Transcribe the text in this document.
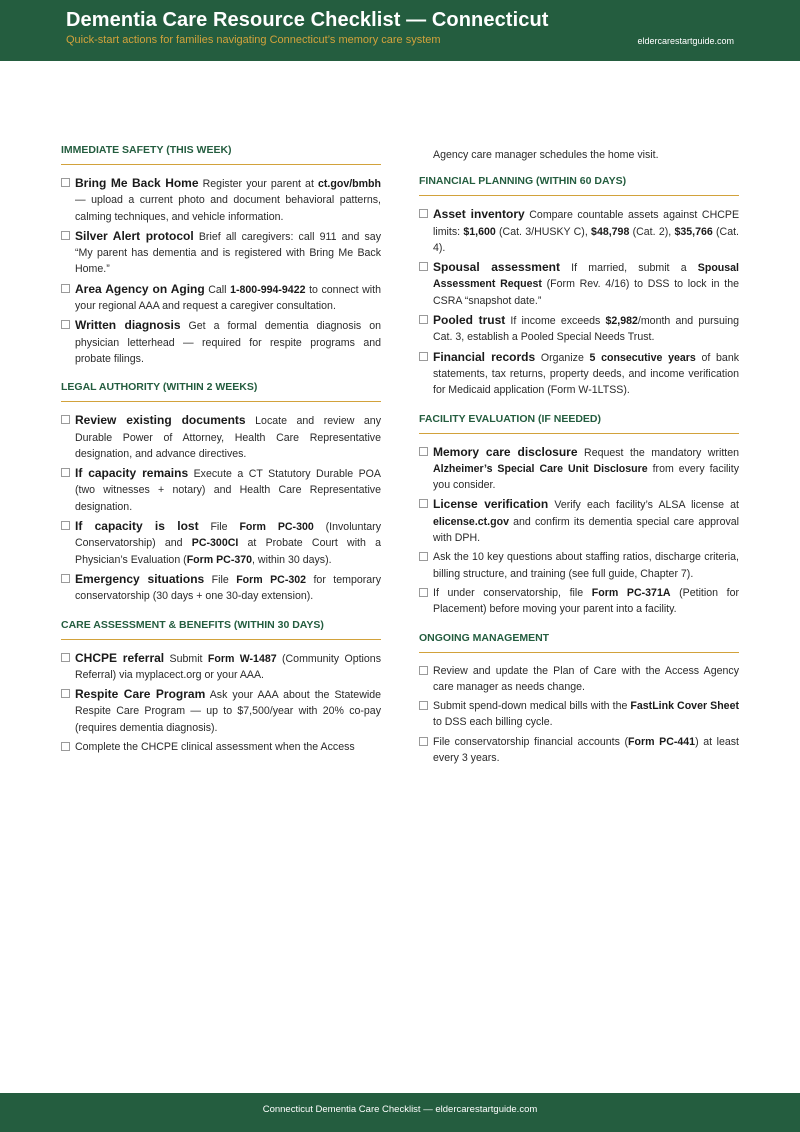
Dementia Care Resource Checklist — Connecticut
Quick-start actions for families navigating Connecticut’s memory care system	eldercarestartguide.com
IMMEDIATE SAFETY (THIS WEEK)
Bring Me Back Home Register your parent at ct.gov/bmbh — upload a current photo and document behavioral patterns, calming techniques, and vehicle information.
Silver Alert protocol Brief all caregivers: call 911 and say “My parent has dementia and is registered with Bring Me Back Home.”
Area Agency on Aging Call 1-800-994-9422 to connect with your regional AAA and request a caregiver consultation.
Written diagnosis Get a formal dementia diagnosis on physician letterhead — required for respite programs and probate filings.
LEGAL AUTHORITY (WITHIN 2 WEEKS)
Review existing documents Locate and review any Durable Power of Attorney, Health Care Representative designation, and advance directives.
If capacity remains Execute a CT Statutory Durable POA (two witnesses + notary) and Health Care Representative designation.
If capacity is lost File Form PC-300 (Involuntary Conservatorship) and PC-300CI at Probate Court with a Physician’s Evaluation (Form PC-370, within 30 days).
Emergency situations File Form PC-302 for temporary conservatorship (30 days + one 30-day extension).
CARE ASSESSMENT & BENEFITS (WITHIN 30 DAYS)
CHCPE referral Submit Form W-1487 (Community Options Referral) via myplacect.org or your AAA.
Respite Care Program Ask your AAA about the Statewide Respite Care Program — up to $7,500/year with 20% co-pay (requires dementia diagnosis).
Complete the CHCPE clinical assessment when the Access
Agency care manager schedules the home visit.
FINANCIAL PLANNING (WITHIN 60 DAYS)
Asset inventory Compare countable assets against CHCPE limits: $1,600 (Cat. 3/HUSKY C), $48,798 (Cat. 2), $35,766 (Cat. 4).
Spousal assessment If married, submit a Spousal Assessment Request (Form Rev. 4/16) to DSS to lock in the CSRA “snapshot date.”
Pooled trust If income exceeds $2,982/month and pursuing Cat. 3, establish a Pooled Special Needs Trust.
Financial records Organize 5 consecutive years of bank statements, tax returns, property deeds, and income verification for Medicaid application (Form W-1LTSS).
FACILITY EVALUATION (IF NEEDED)
Memory care disclosure Request the mandatory written Alzheimer’s Special Care Unit Disclosure from every facility you consider.
License verification Verify each facility’s ALSA license at elicense.ct.gov and confirm its dementia special care approval with DPH.
Ask the 10 key questions about staffing ratios, discharge criteria, billing structure, and training (see full guide, Chapter 7).
If under conservatorship, file Form PC-371A (Petition for Placement) before moving your parent into a facility.
ONGOING MANAGEMENT
Review and update the Plan of Care with the Access Agency care manager as needs change.
Submit spend-down medical bills with the FastLink Cover Sheet to DSS each billing cycle.
File conservatorship financial accounts (Form PC-441) at least every 3 years.
Connecticut Dementia Care Checklist — eldercarestartguide.com
